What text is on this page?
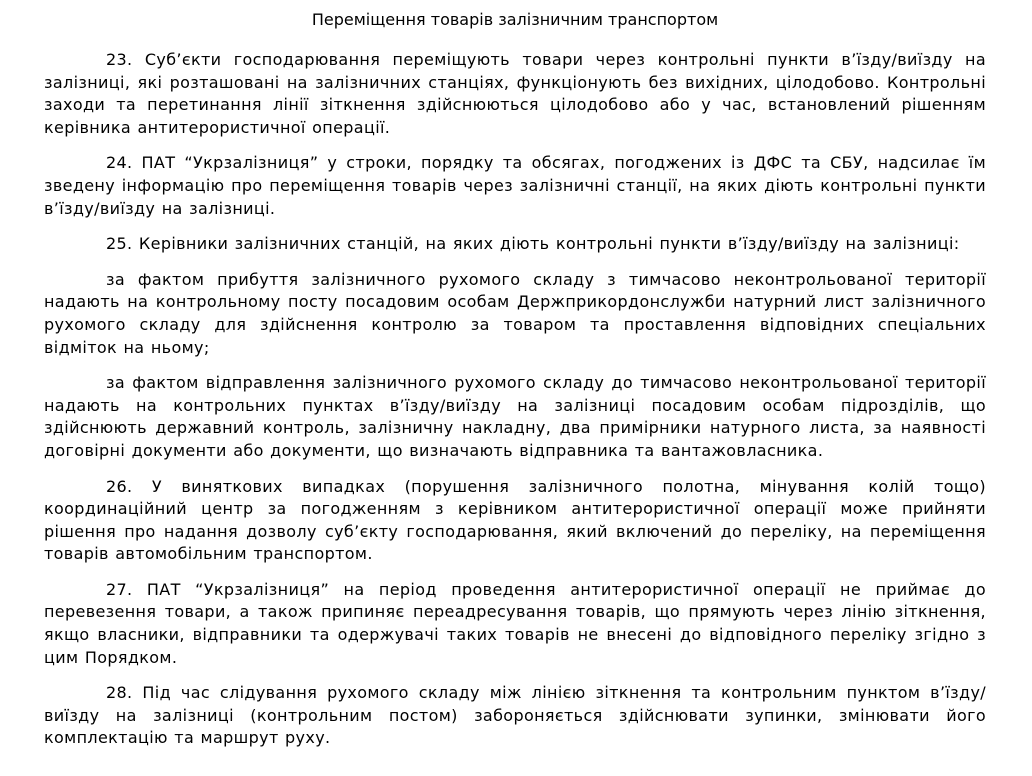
Переміщення товарів залізничним транспортом

23. Суб’єкти господарювання переміщують товари через контрольні пункти в’їзду/виїзду на залізниці, які розташовані на залізничних станціях, функціонують без вихідних, цілодобово. Контрольні заходи та перетинання лінії зіткнення здійснюються цілодобово або у час, встановлений рішенням керівника антитерористичної операції.

24. ПАТ “Укрзалізниця” у строки, порядку та обсягах, погоджених із ДФС та СБУ, надсилає їм зведену інформацію про переміщення товарів через залізничні станції, на яких діють контрольні пункти в’їзду/виїзду на залізниці.

25. Керівники залізничних станцій, на яких діють контрольні пункти в’їзду/виїзду на залізниці:

за фактом прибуття залізничного рухомого складу з тимчасово неконтрольованої території надають на контрольному посту посадовим особам Держприкордонслужби натурний лист залізничного рухомого складу для здійснення контролю за товаром та проставлення відповідних спеціальних відміток на ньому;

за фактом відправлення залізничного рухомого складу до тимчасово неконтрольованої території надають на контрольних пунктах в’їзду/виїзду на залізниці посадовим особам підрозділів, що здійснюють державний контроль, залізничну накладну, два примірники натурного листа, за наявності договірні документи або документи, що визначають відправника та вантажовласника.

26. У виняткових випадках (порушення залізничного полотна, мінування колій тощо) координаційний центр за погодженням з керівником антитерористичної операції може прийняти рішення про надання дозволу суб’єкту господарювання, який включений до переліку, на переміщення товарів автомобільним транспортом.

27. ПАТ “Укрзалізниця” на період проведення антитерористичної операції не приймає до перевезення товари, а також припиняє переадресування товарів, що прямують через лінію зіткнення, якщо власники, відправники та одержувачі таких товарів не внесені до відповідного переліку згідно з цим Порядком.

28. Під час слідування рухомого складу між лінією зіткнення та контрольним пунктом в’їзду/виїзду на залізниці (контрольним постом) забороняється здійснювати зупинки, змінювати його комплектацію та маршрут руху.
